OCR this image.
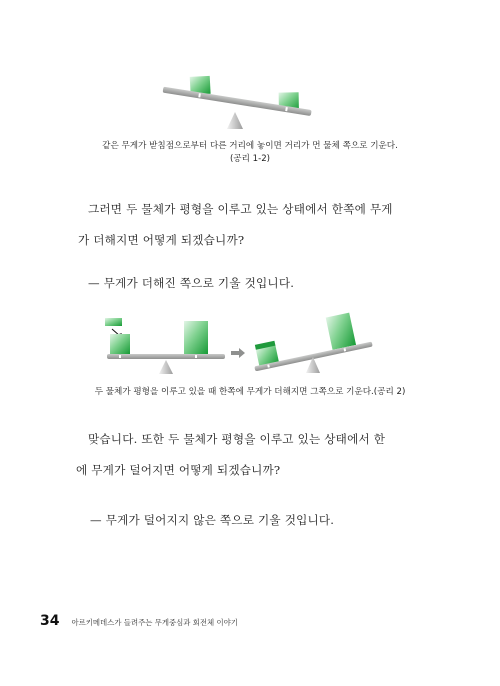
같은 무게가 받침점으로부터 다른 거리에 놓이면 거리가 먼 물체 쪽으로 기운다.
(공리 1-2)

그러면 두 물체가 평형을 이루고 있는 상태에서 한쪽에 무게

가 더해지면 어떻게 되겠습니까?

— 무게가 더해진 쪽으로 기울 것입니다.
두 물체가 평형을 이루고 있을 때 한쪽에 무게가 더해지면 그쪽으로 기운다.(공리 2)

맞습니다. 또한 두 물체가 평형을 이루고 있는 상태에서 한

에 무게가 덜어지면 어떻게 되겠습니까?

— 무게가 덜어지지 않은 쪽으로 기울 것입니다.
34 아르키메데스가 들려주는 무게중심과 회전체 이야기
